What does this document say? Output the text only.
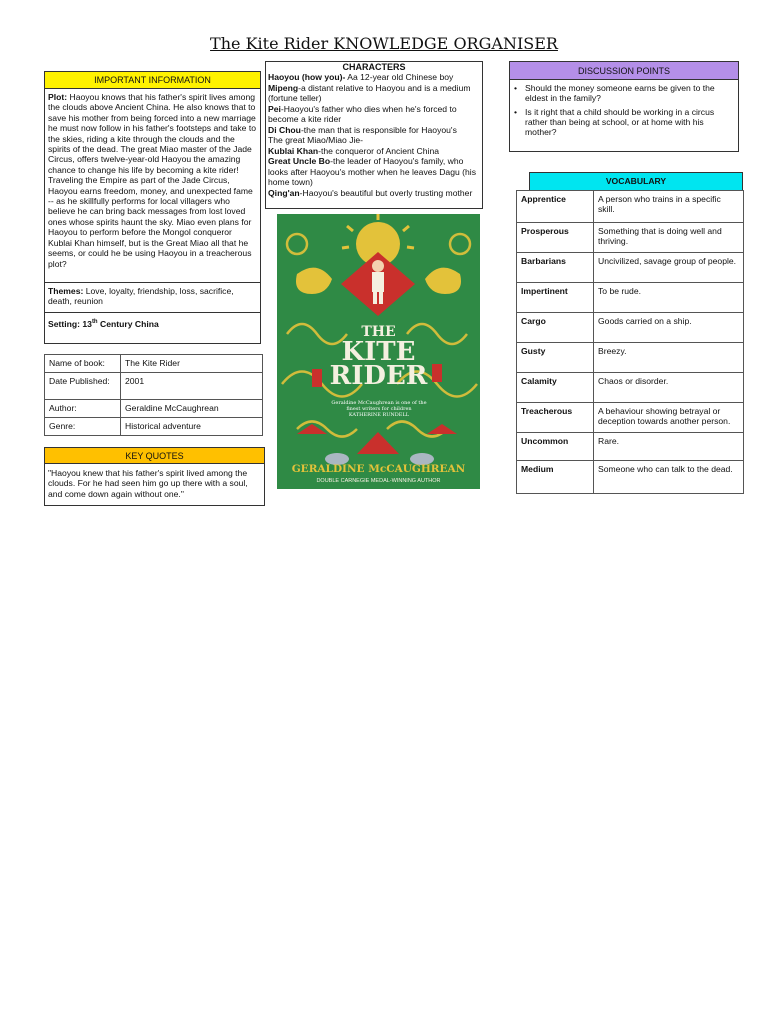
The Kite Rider KNOWLEDGE ORGANISER
IMPORTANT INFORMATION
Plot: Haoyou knows that his father's spirit lives among the clouds above Ancient China. He also knows that to save his mother from being forced into a new marriage he must now follow in his father's footsteps and take to the skies, riding a kite through the clouds and the spirits of the dead. The great Miao master of the Jade Circus, offers twelve-year-old Haoyou the amazing chance to change his life by becoming a kite rider!
Traveling the Empire as part of the Jade Circus, Haoyou earns freedom, money, and unexpected fame -- as he skillfully performs for local villagers who believe he can bring back messages from lost loved ones whose spirits haunt the sky. Miao even plans for Haoyou to perform before the Mongol conqueror Kublai Khan himself, but is the Great Miao all that he seems, or could he be using Haoyou in a treacherous plot?
Themes: Love, loyalty, friendship, loss, sacrifice, death, reunion
Setting: 13th Century China
Name of book:	The Kite Rider
Date Published:	2001
Author:	Geraldine McCaughrean
Genre:	Historical adventure
KEY QUOTES
"Haoyou knew that his father's spirit lived among the clouds. For he had seen him go up there with a soul, and come down again without one."
CHARACTERS
Haoyou (how you)- Aa 12-year old Chinese boy
Mipeng-a distant relative to Haoyou and is a medium (fortune teller)
Pei-Haoyou's father who dies when he's forced to become a kite rider
Di Chou-the man that is responsible for Haoyou's
The great Miao/Miao Jie-
Kublai Khan-the conqueror of Ancient China
Great Uncle Bo-the leader of Haoyou's family, who looks after Haoyou's mother when he leaves Dagu (his home town)
Qing'an-Haoyou's beautiful but overly trusting mother
THE
KITE
RIDER
Geraldine McCaughrean is one of the finest writers for children
KATHERINE RUNDELL
GERALDINE McCAUGHREAN
DOUBLE CARNEGIE MEDAL-WINNING AUTHOR
DISCUSSION POINTS
• Should the money someone earns be given to the eldest in the family?
• Is it right that a child should be working in a circus rather than being at school, or at home with his mother?
VOCABULARY
Apprentice	A person who trains in a specific skill.
Prosperous	Something that is doing well and thriving.
Barbarians	Uncivilized, savage group of people.
Impertinent	To be rude.
Cargo	Goods carried on a ship.
Gusty	Breezy.
Calamity	Chaos or disorder.
Treacherous	A behaviour showing betrayal or deception towards another person.
Uncommon	Rare.
Medium	Someone who can talk to the dead.
